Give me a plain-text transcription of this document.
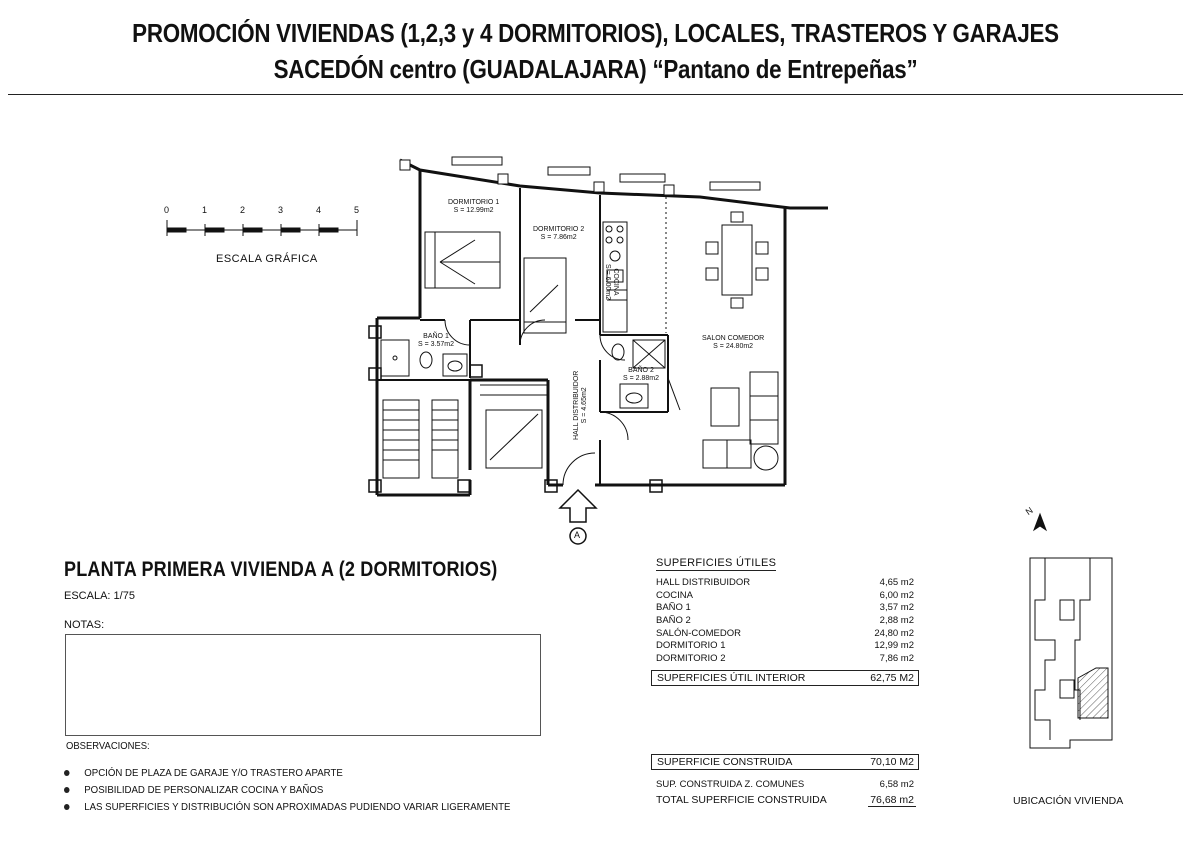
PROMOCIÓN VIVIENDAS (1,2,3 y 4 DORMITORIOS), LOCALES, TRASTEROS Y GARAJES
SACEDÓN centro (GUADALAJARA) “Pantano de Entrepeñas”
0	1	2	3	4	5
ESCALA GRÁFICA
DORMITORIO 1
S = 12.99m2
DORMITORIO 2
S = 7.86m2
COCINA
S = 6.00m2
SALON COMEDOR
S = 24.80m2
BAÑO 1
S = 3.57m2
BAÑO 2
S = 2.88m2
HALL DISTRIBUIDOR S = 4.65m2
A
PLANTA PRIMERA VIVIENDA A (2 DORMITORIOS)
ESCALA: 1/75
NOTAS:
OBSERVACIONES:
OPCIÓN DE PLAZA DE GARAJE Y/O TRASTERO APARTE
POSIBILIDAD DE PERSONALIZAR COCINA Y BAÑOS
LAS SUPERFICIES Y DISTRIBUCIÓN SON APROXIMADAS PUDIENDO VARIAR LIGERAMENTE
SUPERFICIES ÚTILES
HALL DISTRIBUIDOR	4,65 m2
COCINA	6,00 m2
BAÑO 1	3,57 m2
BAÑO 2	2,88 m2
SALÓN-COMEDOR	24,80 m2
DORMITORIO 1	12,99 m2
DORMITORIO 2	7,86 m2
SUPERFICIES ÚTIL INTERIOR	62,75 M2
SUPERFICIE CONSTRUIDA	70,10 M2
SUP. CONSTRUIDA Z. COMUNES	6,58 m2
TOTAL SUPERFICIE CONSTRUIDA	76,68 m2
N
UBICACIÓN VIVIENDA
